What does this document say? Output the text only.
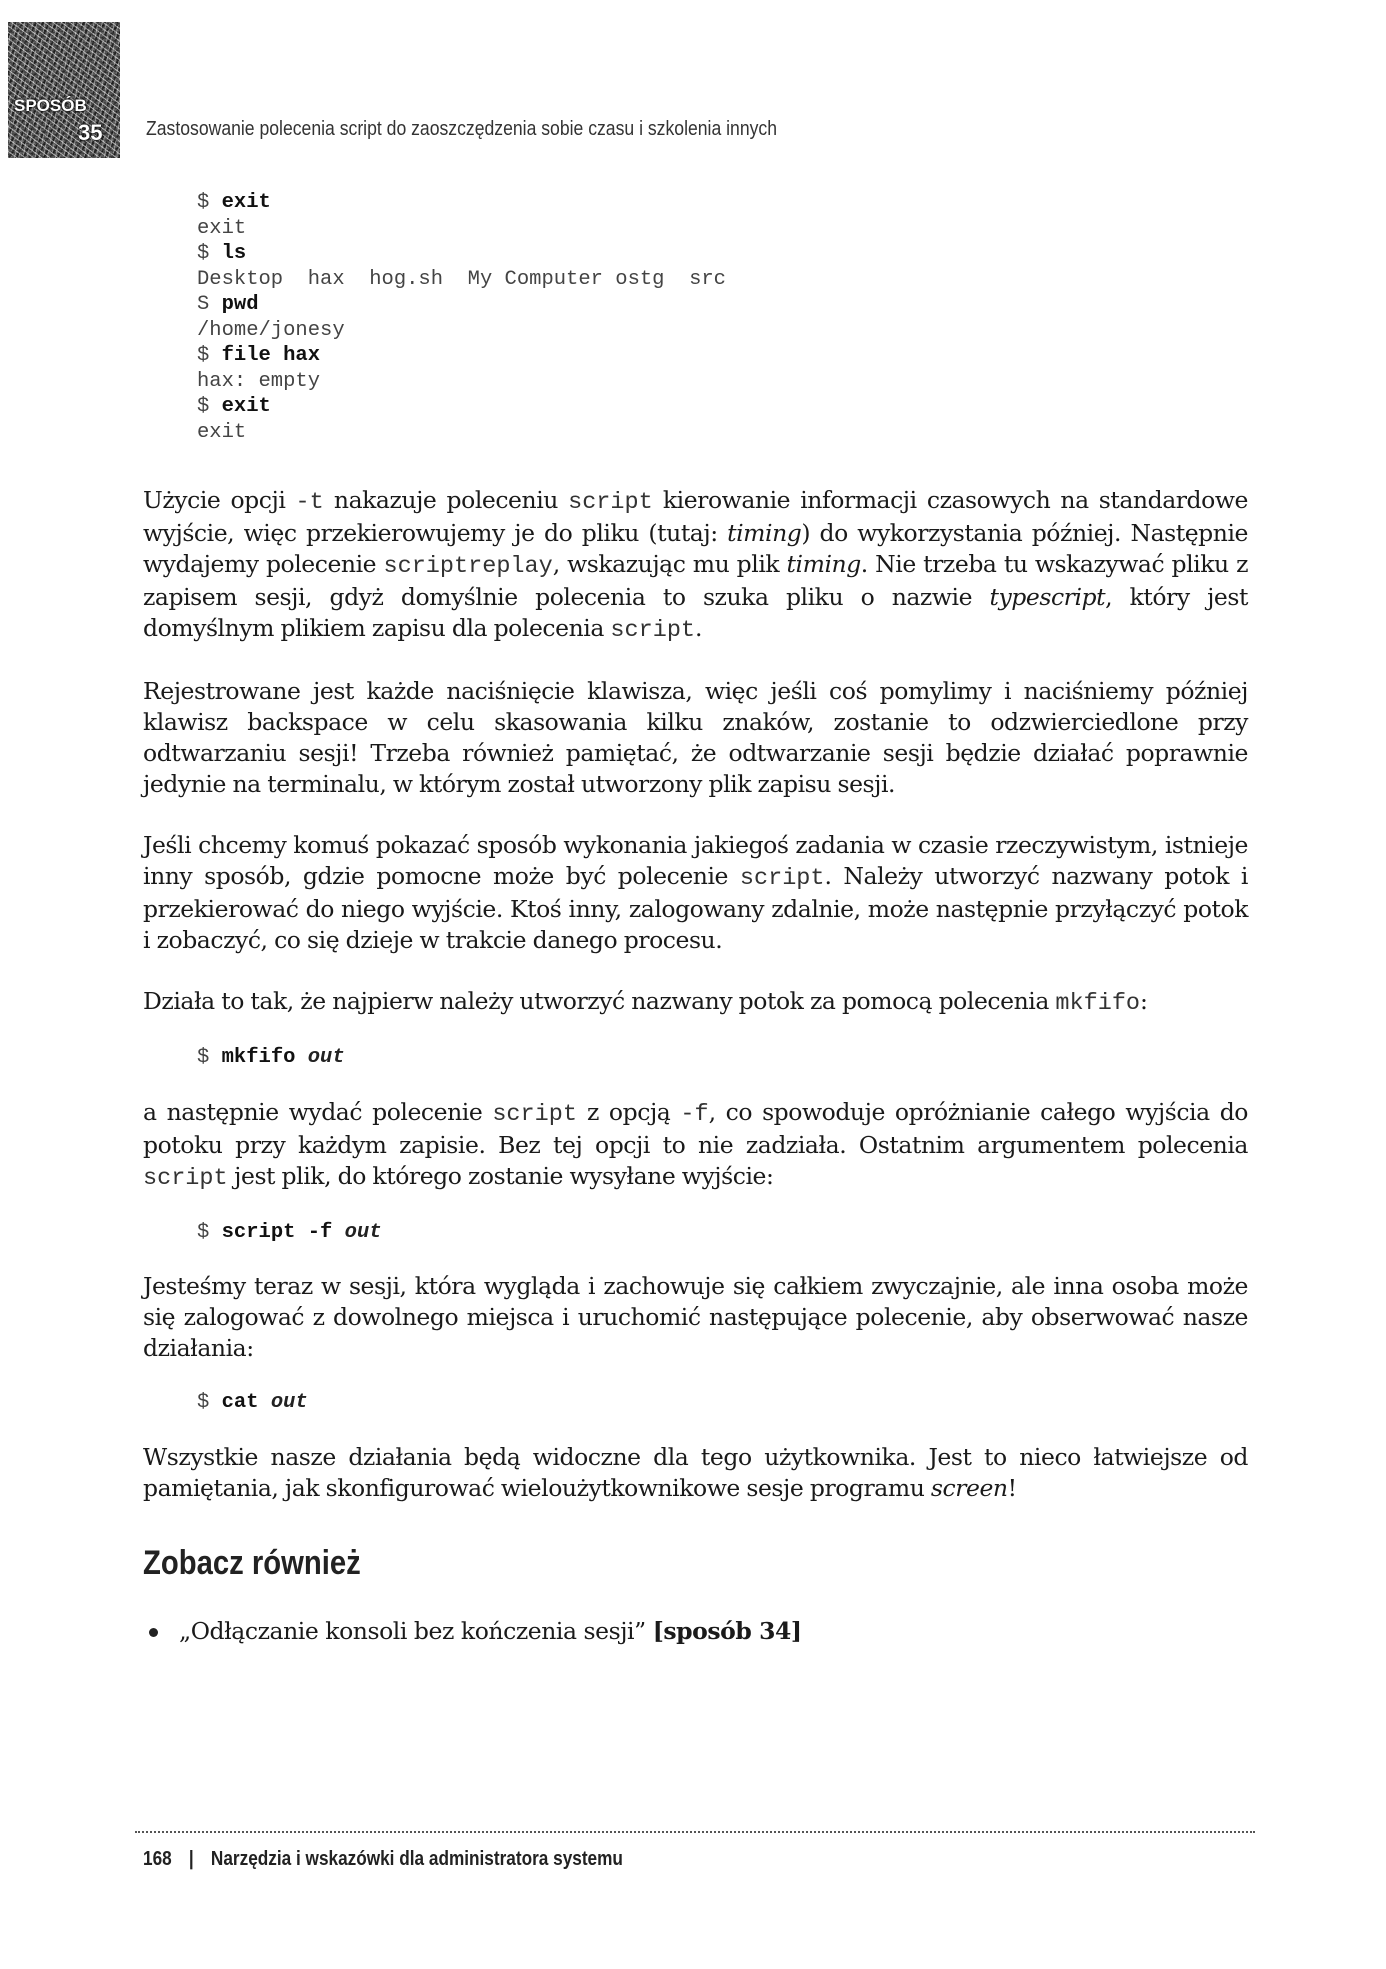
SPOSÓB
35 Zastosowanie polecenia script do zaoszczędzenia sobie czasu i szkolenia innych
$ exit
exit
$ ls
Desktop  hax  hog.sh  My Computer ostg  src
S pwd
/home/jonesy
$ file hax
hax: empty
$ exit
exit

Użycie opcji -t nakazuje poleceniu script kierowanie informacji czasowych na standardowe wyjście, więc przekierowujemy je do pliku (tutaj: timing) do wykorzystania później. Następnie wydajemy polecenie scriptreplay, wskazując mu plik timing. Nie trzeba tu wskazywać pliku z zapisem sesji, gdyż domyślnie polecenia to szuka pliku o nazwie typescript, który jest domyślnym plikiem zapisu dla polecenia script.

Rejestrowane jest każde naciśnięcie klawisza, więc jeśli coś pomylimy i naciśniemy później klawisz backspace w celu skasowania kilku znaków, zostanie to odzwierciedlone przy odtwarzaniu sesji! Trzeba również pamiętać, że odtwarzanie sesji będzie działać poprawnie jedynie na terminalu, w którym został utworzony plik zapisu sesji.

Jeśli chcemy komuś pokazać sposób wykonania jakiegoś zadania w czasie rzeczywistym, istnieje inny sposób, gdzie pomocne może być polecenie script. Należy utworzyć nazwany potok i przekierować do niego wyjście. Ktoś inny, zalogowany zdalnie, może następnie przyłączyć potok i zobaczyć, co się dzieje w trakcie danego procesu.

Działa to tak, że najpierw należy utworzyć nazwany potok za pomocą polecenia mkfifo:

$ mkfifo out

a następnie wydać polecenie script z opcją -f, co spowoduje opróżnianie całego wyjścia do potoku przy każdym zapisie. Bez tej opcji to nie zadziała. Ostatnim argumentem polecenia script jest plik, do którego zostanie wysyłane wyjście:

$ script -f out

Jesteśmy teraz w sesji, która wygląda i zachowuje się całkiem zwyczajnie, ale inna osoba może się zalogować z dowolnego miejsca i uruchomić następujące polecenie, aby obserwować nasze działania:

$ cat out

Wszystkie nasze działania będą widoczne dla tego użytkownika. Jest to nieco łatwiejsze od pamiętania, jak skonfigurować wieloużytkownikowe sesje programu screen!

Zobacz również
„Odłączanie konsoli bez kończenia sesji” [sposób 34]
168 | Narzędzia i wskazówki dla administratora systemu
